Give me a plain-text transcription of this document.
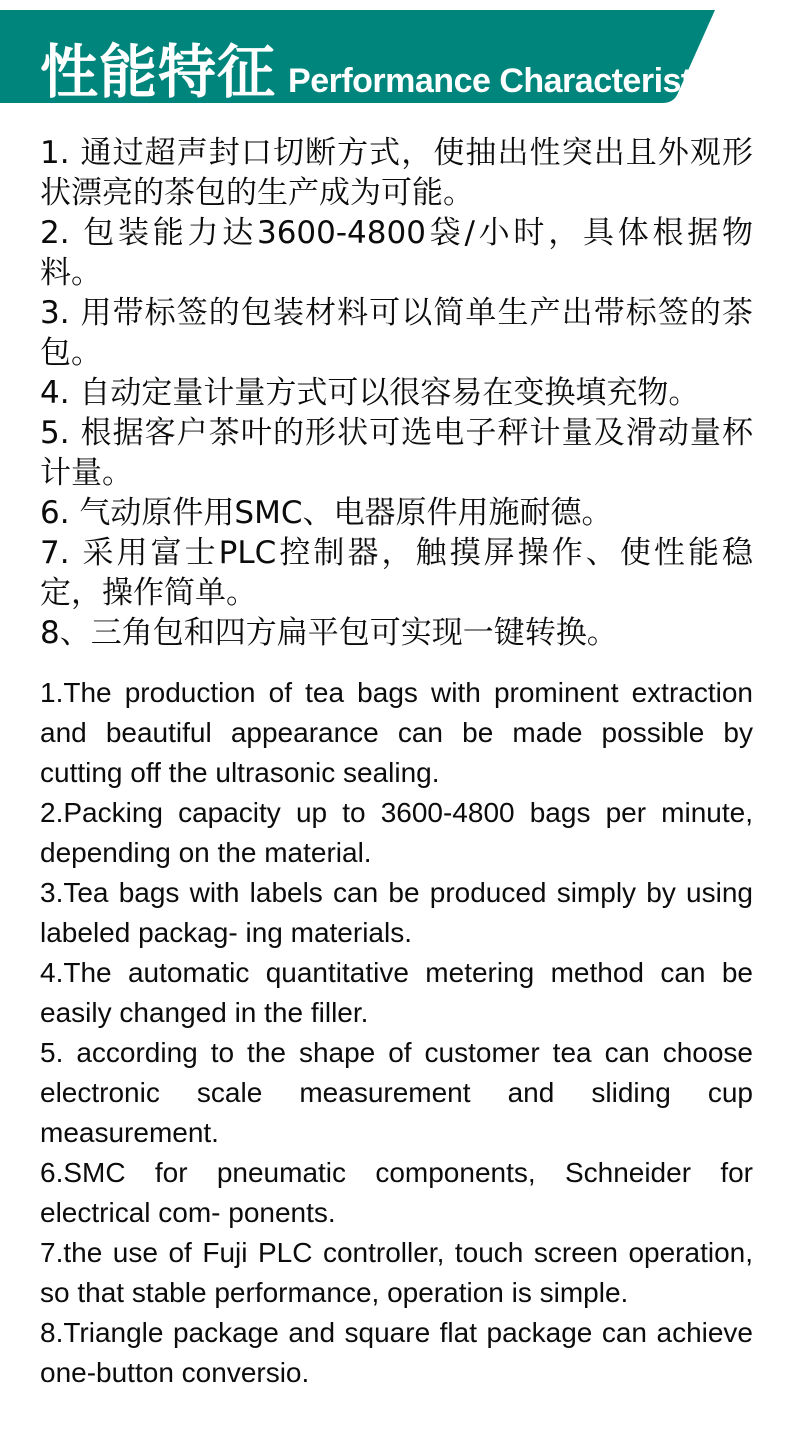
性能特征 Performance Characteristics

1. 通过超声封口切断方式，使抽出性突出且外观形状漂亮的茶包的生产成为可能。

2. 包装能力达3600-4800袋/小时，具体根据物料。

3. 用带标签的包装材料可以简单生产出带标签的茶包。

4. 自动定量计量方式可以很容易在变换填充物。

5. 根据客户茶叶的形状可选电子秤计量及滑动量杯计量。

6. 气动原件用SMC、电器原件用施耐德。

7. 采用富士PLC控制器，触摸屏操作、使性能稳定，操作简单。

8、三角包和四方扁平包可实现一键转换。

1.The production of tea bags with prominent extraction and beautiful appearance can be made possible by cutting off the ultrasonic sealing.

2.Packing capacity up to 3600-4800 bags per minute, depending on the material.

3.Tea bags with labels can be produced simply by using labeled packag- ing materials.

4.The automatic quantitative metering method can be easily changed in the filler.

5. according to the shape of customer tea can choose electronic scale measurement and sliding cup measurement.

6.SMC for pneumatic components, Schneider for electrical com- ponents.

7.the use of Fuji PLC controller, touch screen operation, so that stable performance, operation is simple.

8.Triangle package and square flat package can achieve one-button conversio.
